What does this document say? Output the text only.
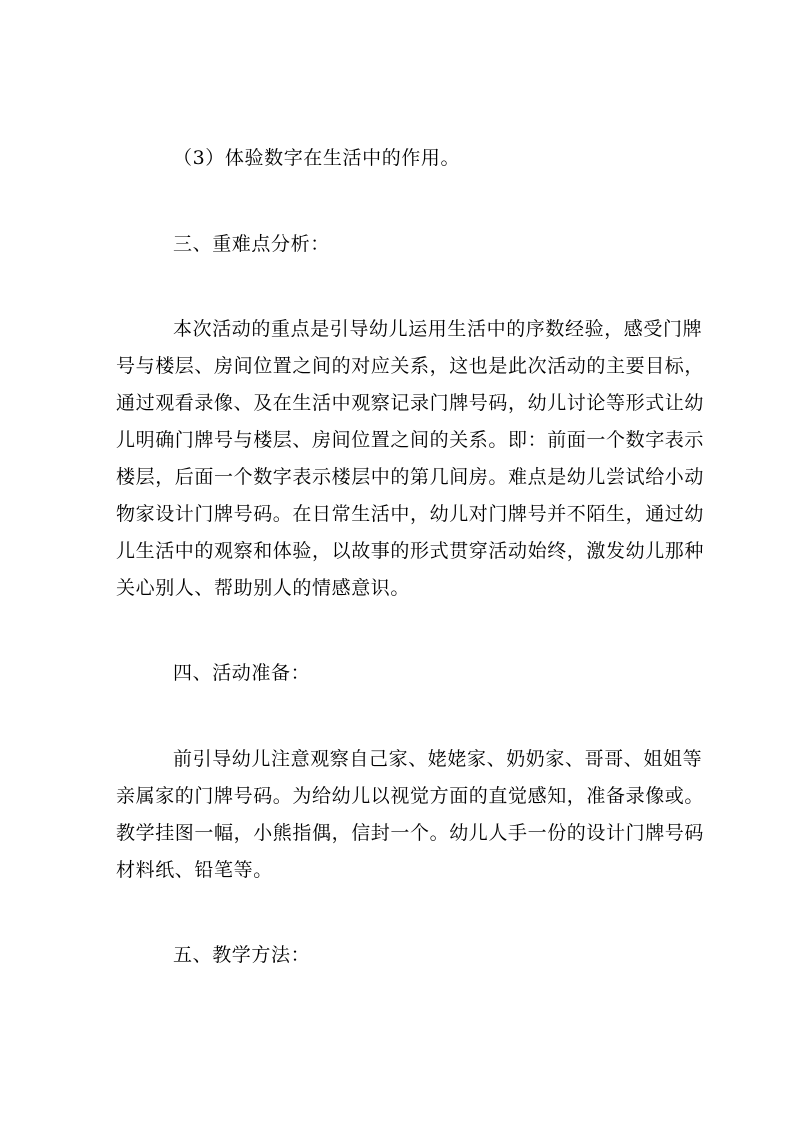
（3）体验数字在生活中的作用。

三、重难点分析：

本次活动的重点是引导幼儿运用生活中的序数经验，感受门牌

号与楼层、房间位置之间的对应关系，这也是此次活动的主要目标，

通过观看录像、及在生活中观察记录门牌号码，幼儿讨论等形式让幼

儿明确门牌号与楼层、房间位置之间的关系。即：前面一个数字表示

楼层，后面一个数字表示楼层中的第几间房。难点是幼儿尝试给小动

物家设计门牌号码。在日常生活中，幼儿对门牌号并不陌生，通过幼

儿生活中的观察和体验，以故事的形式贯穿活动始终，激发幼儿那种

关心别人、帮助别人的情感意识。

四、活动准备：

前引导幼儿注意观察自己家、姥姥家、奶奶家、哥哥、姐姐等

亲属家的门牌号码。为给幼儿以视觉方面的直觉感知，准备录像或。

教学挂图一幅，小熊指偶，信封一个。幼儿人手一份的设计门牌号码

材料纸、铅笔等。

五、教学方法：
